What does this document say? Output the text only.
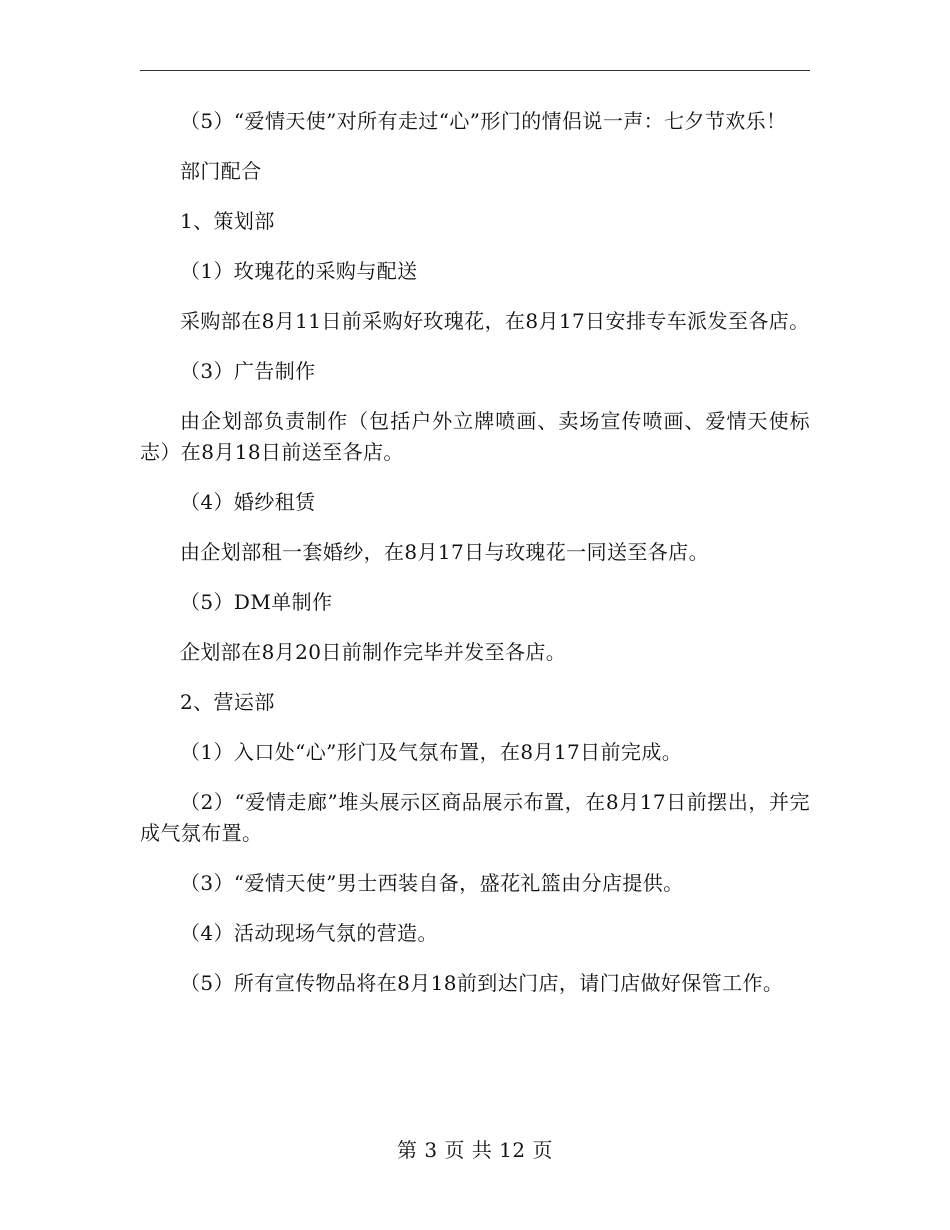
（5）“爱情天使”对所有走过“心”形门的情侣说一声：七夕节欢乐！

部门配合

1、策划部

（1）玫瑰花的采购与配送

采购部在8月11日前采购好玫瑰花，在8月17日安排专车派发至各店。

（3）广告制作

由企划部负责制作（包括户外立牌喷画、卖场宣传喷画、爱情天使标志）在8月18日前送至各店。

（4）婚纱租赁

由企划部租一套婚纱，在8月17日与玫瑰花一同送至各店。

（5）DM单制作

企划部在8月20日前制作完毕并发至各店。

2、营运部

（1）入口处“心”形门及气氛布置，在8月17日前完成。

（2）“爱情走廊”堆头展示区商品展示布置，在8月17日前摆出，并完成气氛布置。

（3）“爱情天使”男士西装自备，盛花礼篮由分店提供。

（4）活动现场气氛的营造。

（5）所有宣传物品将在8月18前到达门店，请门店做好保管工作。

第 3 页 共 12 页
